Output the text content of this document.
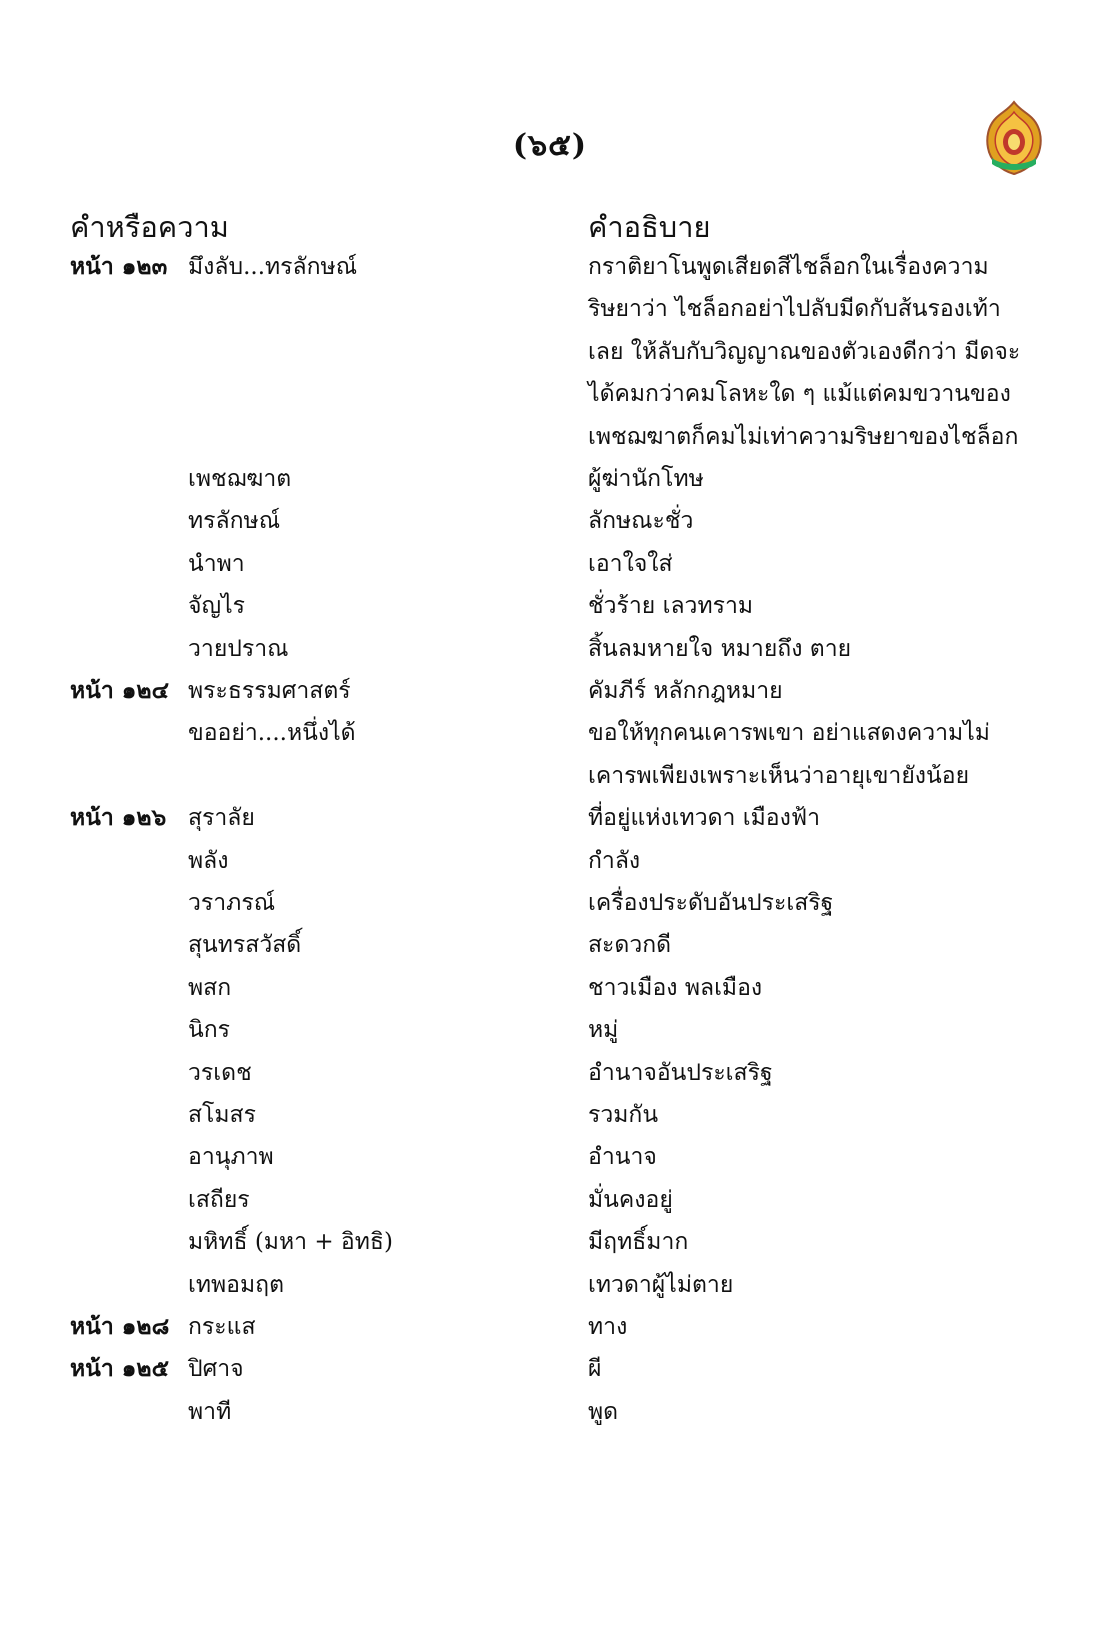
(๖๕)
คำหรือความ	คำอธิบาย
หน้า ๑๒๓ มึงลับ...ทรลักษณ์	กราติยาโนพูดเสียดสีไชล็อกในเรื่องความ
ริษยาว่า ไชล็อกอย่าไปลับมีดกับส้นรองเท้า
เลย ให้ลับกับวิญญาณของตัวเองดีกว่า มีดจะ
ได้คมกว่าคมโลหะใด ๆ แม้แต่คมขวานของ
เพชฌฆาตก็คมไม่เท่าความริษยาของไชล็อก
เพชฌฆาต	ผู้ฆ่านักโทษ
ทรลักษณ์	ลักษณะชั่ว
นำพา	เอาใจใส่
จัญไร	ชั่วร้าย เลวทราม
วายปราณ	สิ้นลมหายใจ หมายถึง ตาย
หน้า ๑๒๔ พระธรรมศาสตร์	คัมภีร์ หลักกฎหมาย
ขออย่า....หนึ่งได้	ขอให้ทุกคนเคารพเขา อย่าแสดงความไม่
เคารพเพียงเพราะเห็นว่าอายุเขายังน้อย
หน้า ๑๒๖ สุราลัย	ที่อยู่แห่งเทวดา เมืองฟ้า
พลัง	กำลัง
วราภรณ์	เครื่องประดับอันประเสริฐ
สุนทรสวัสดิ์	สะดวกดี
พสก	ชาวเมือง พลเมือง
นิกร	หมู่
วรเดช	อำนาจอันประเสริฐ
สโมสร	รวมกัน
อานุภาพ	อำนาจ
เสถียร	มั่นคงอยู่
มหิทธิ์ (มหา + อิทธิ)	มีฤทธิ์มาก
เทพอมฤต	เทวดาผู้ไม่ตาย
หน้า ๑๒๘ กระแส	ทาง
หน้า ๑๒๕ ปิศาจ	ผี
พาที	พูด
